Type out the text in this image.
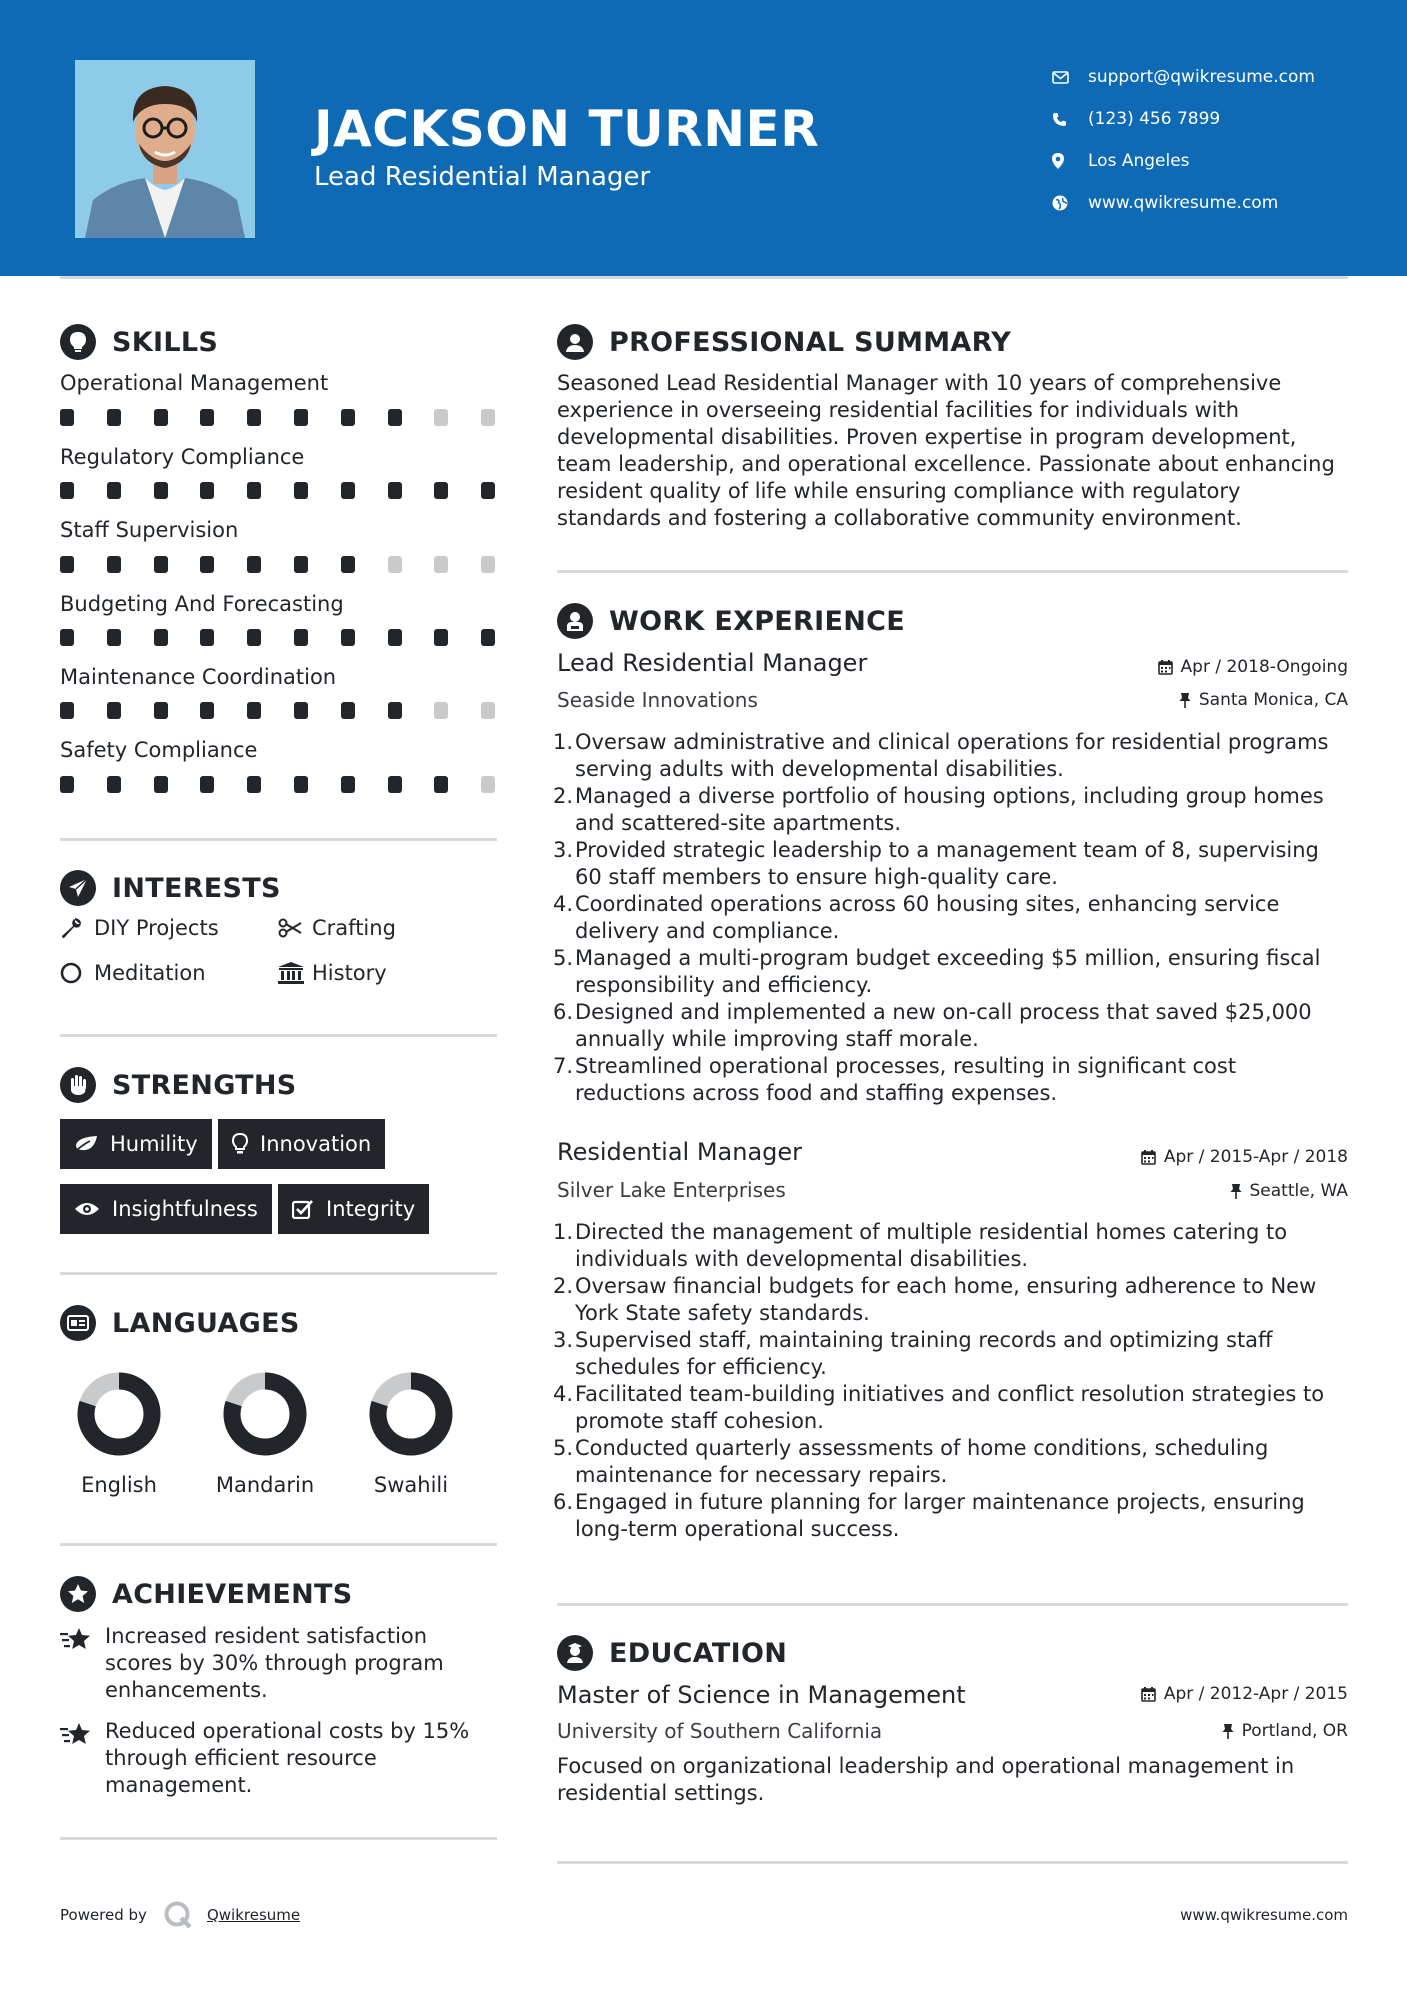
JACKSON TURNER
Lead Residential Manager
support@qwikresume.com
(123) 456 7899
Los Angeles
www.qwikresume.com
SKILLS
Operational Management
Regulatory Compliance
Staff Supervision
Budgeting And Forecasting
Maintenance Coordination
Safety Compliance
INTERESTS
DIY Projects	Crafting
Meditation	History
STRENGTHS
Humility	Innovation
Insightfulness	Integrity
LANGUAGES
English	Mandarin	Swahili
ACHIEVEMENTS
Increased resident satisfaction scores by 30% through program enhancements.
Reduced operational costs by 15% through efficient resource management.
PROFESSIONAL SUMMARY
Seasoned Lead Residential Manager with 10 years of comprehensive experience in overseeing residential facilities for individuals with developmental disabilities. Proven expertise in program development, team leadership, and operational excellence. Passionate about enhancing resident quality of life while ensuring compliance with regulatory standards and fostering a collaborative community environment.
WORK EXPERIENCE
Lead Residential Manager	Apr / 2018-Ongoing
Seaside Innovations	Santa Monica, CA
1. Oversaw administrative and clinical operations for residential programs serving adults with developmental disabilities.
2. Managed a diverse portfolio of housing options, including group homes and scattered-site apartments.
3. Provided strategic leadership to a management team of 8, supervising 60 staff members to ensure high-quality care.
4. Coordinated operations across 60 housing sites, enhancing service delivery and compliance.
5. Managed a multi-program budget exceeding $5 million, ensuring fiscal responsibility and efficiency.
6. Designed and implemented a new on-call process that saved $25,000 annually while improving staff morale.
7. Streamlined operational processes, resulting in significant cost reductions across food and staffing expenses.
Residential Manager	Apr / 2015-Apr / 2018
Silver Lake Enterprises	Seattle, WA
1. Directed the management of multiple residential homes catering to individuals with developmental disabilities.
2. Oversaw financial budgets for each home, ensuring adherence to New York State safety standards.
3. Supervised staff, maintaining training records and optimizing staff schedules for efficiency.
4. Facilitated team-building initiatives and conflict resolution strategies to promote staff cohesion.
5. Conducted quarterly assessments of home conditions, scheduling maintenance for necessary repairs.
6. Engaged in future planning for larger maintenance projects, ensuring long-term operational success.
EDUCATION
Master of Science in Management	Apr / 2012-Apr / 2015
University of Southern California	Portland, OR
Focused on organizational leadership and operational management in residential settings.
Powered by	Qwikresume	www.qwikresume.com
